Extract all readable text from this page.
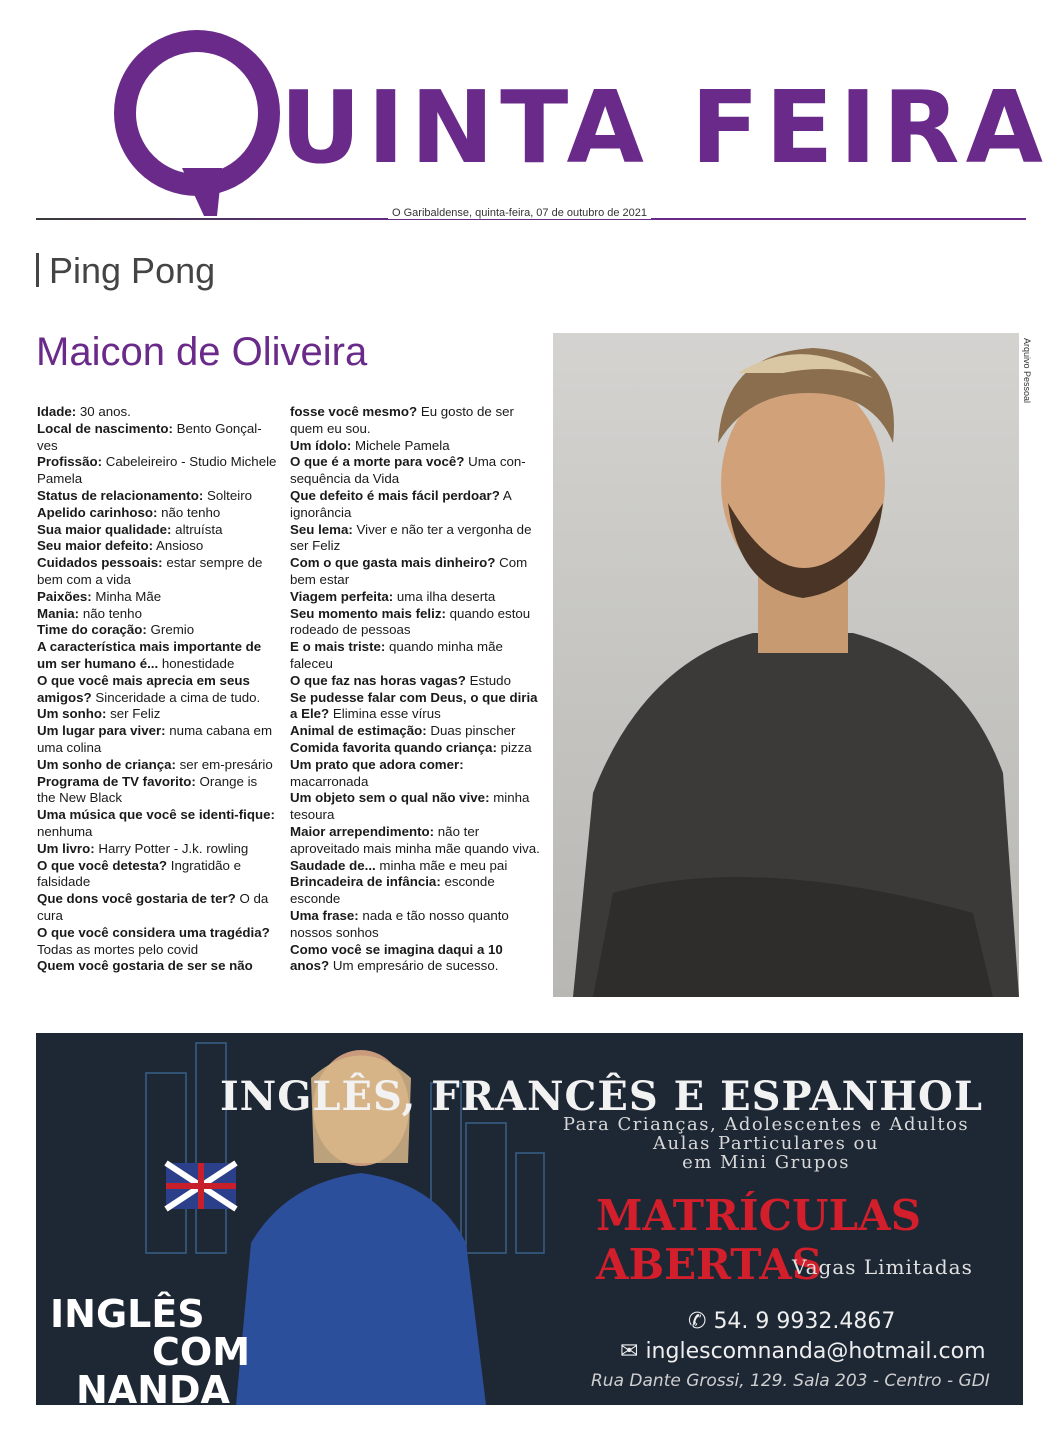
UINTA FEIRA
O Garibaldense, quinta-feira, 07 de outubro de 2021
Ping Pong
Maicon de Oliveira
Idade: 30 anos.
Local de nascimento: Bento Gonçal-ves
Profissão: Cabeleireiro - Studio Michele Pamela
Status de relacionamento: Solteiro
Apelido carinhoso: não tenho
Sua maior qualidade: altruísta
Seu maior defeito: Ansioso
Cuidados pessoais: estar sempre de bem com a vida
Paixões: Minha Mãe
Mania: não tenho
Time do coração: Gremio
A característica mais importante de um ser humano é... honestidade
O que você mais aprecia em seus amigos? Sinceridade a cima de tudo.
Um sonho: ser Feliz
Um lugar para viver: numa cabana em uma colina
Um sonho de criança: ser em-presário
Programa de TV favorito: Orange is the New Black
Uma música que você se identi-fique: nenhuma
Um livro: Harry Potter - J.k. rowling
O que você detesta? Ingratidão e falsidade
Que dons você gostaria de ter? O da cura
O que você considera uma tragédia? Todas as mortes pelo covid
Quem você gostaria de ser se não
fosse você mesmo? Eu gosto de ser quem eu sou.
Um ídolo: Michele Pamela
O que é a morte para você? Uma con-sequência da Vida
Que defeito é mais fácil perdoar? A ignorância
Seu lema: Viver e não ter a vergonha de ser Feliz
Com o que gasta mais dinheiro? Com bem estar
Viagem perfeita: uma ilha deserta
Seu momento mais feliz: quando estou rodeado de pessoas
E o mais triste: quando minha mãe faleceu
O que faz nas horas vagas? Estudo
Se pudesse falar com Deus, o que diria a Ele? Elimina esse vírus
Animal de estimação: Duas pinscher
Comida favorita quando criança: pizza
Um prato que adora comer: macarronada
Um objeto sem o qual não vive: minha tesoura
Maior arrependimento: não ter aproveitado mais minha mãe quando viva.
Saudade de... minha mãe e meu pai
Brincadeira de infância: esconde esconde
Uma frase: nada e tão nosso quanto nossos sonhos
Como você se imagina daqui a 10 anos? Um empresário de sucesso.
Arquivo Pessoal
INGLÊS
COM
NANDA
INGLÊS, FRANCÊS E ESPANHOL
Para Crianças, Adolescentes e Adultos
Aulas Particulares ou
em Mini Grupos
MATRÍCULAS ABERTAS
Vagas Limitadas
✆ 54. 9 9932.4867
✉ inglescomnanda@hotmail.com
Rua Dante Grossi, 129. Sala 203 - Centro - GDI
